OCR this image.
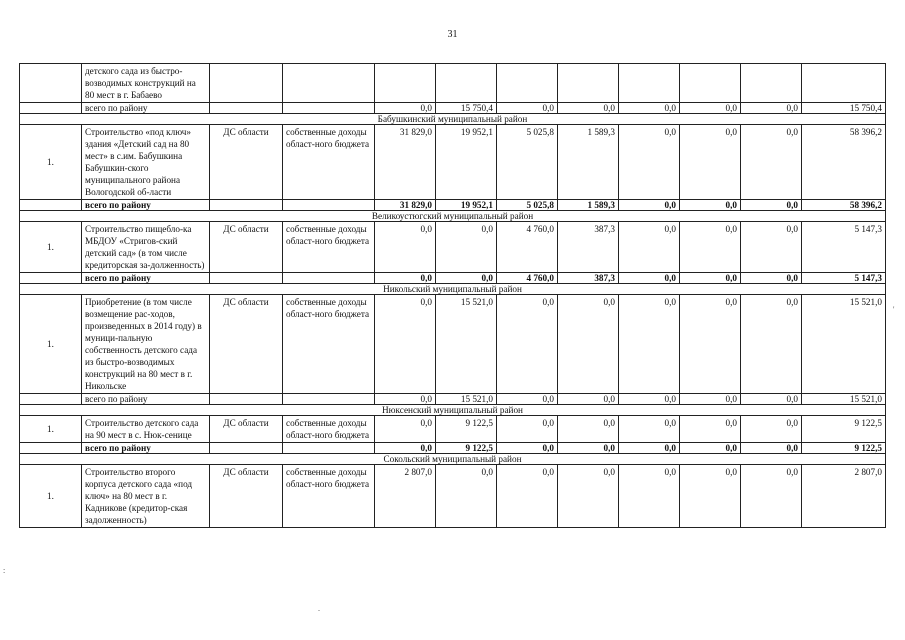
31
	детского сада из быстро-возводимых конструкций на 80 мест в г. Бабаево										
	всего по району			0,0	15 750,4	0,0	0,0	0,0	0,0	0,0	15 750,4
Бабушкинский муниципальный район											
1.	Строительство «под ключ» здания «Детский сад на 80 мест» в с.им. Бабушкина Бабушкин-ского муниципального района Вологодской об-ласти	ДС области	собственные доходы област-ного бюджета	31 829,0	19 952,1	5 025,8	1 589,3	0,0	0,0	0,0	58 396,2
	всего по району			31 829,0	19 952,1	5 025,8	1 589,3	0,0	0,0	0,0	58 396,2
Великоустюгский муниципальный район											
1.	Строительство пищебло-ка МБДОУ «Стригов-ский детский сад» (в том числе кредиторская за-долженность)	ДС области	собственные доходы област-ного бюджета	0,0	0,0	4 760,0	387,3	0,0	0,0	0,0	5 147,3
	всего по району			0,0	0,0	4 760,0	387,3	0,0	0,0	0,0	5 147,3
Никольский муниципальный район											
1.	Приобретение (в том числе возмещение рас-ходов, произведенных в 2014 году) в муници-пальную собственность детского сада из быстро-возводимых конструкций на 80 мест в г. Никольске	ДС области	собственные доходы област-ного бюджета	0,0	15 521,0	0,0	0,0	0,0	0,0	0,0	15 521,0
	всего по району			0,0	15 521,0	0,0	0,0	0,0	0,0	0,0	15 521,0
Нюксенский муниципальный район											
1.	Строительство детского сада на 90 мест в с. Нюк-сенице	ДС области	собственные доходы област-ного бюджета	0,0	9 122,5	0,0	0,0	0,0	0,0	0,0	9 122,5
	всего по району			0,0	9 122,5	0,0	0,0	0,0	0,0	0,0	9 122,5
Сокольский муниципальный район											
1.	Строительство второго корпуса детского сада «под ключ» на 80 мест в г. Кадникове (кредитор-ская задолженность)	ДС области	собственные доходы област-ного бюджета	2 807,0	0,0	0,0	0,0	0,0	0,0	0,0	2 807,0
'
:
.
